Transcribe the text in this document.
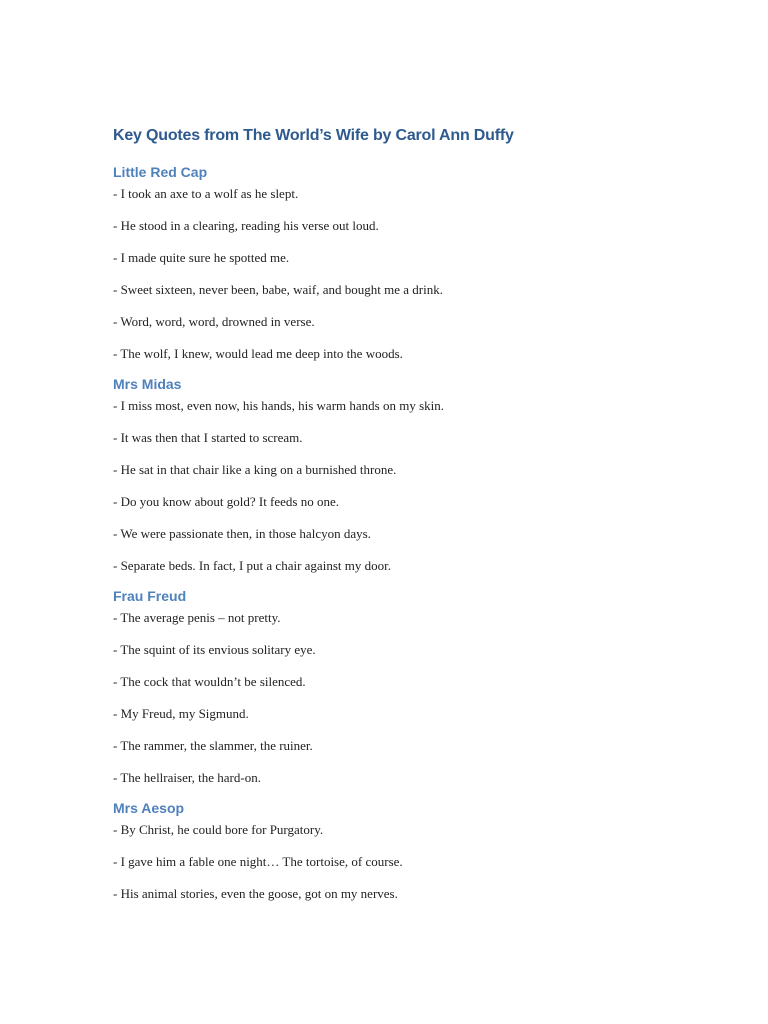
Key Quotes from The World’s Wife by Carol Ann Duffy
Little Red Cap
- I took an axe to a wolf as he slept.
- He stood in a clearing, reading his verse out loud.
- I made quite sure he spotted me.
- Sweet sixteen, never been, babe, waif, and bought me a drink.
- Word, word, word, drowned in verse.
- The wolf, I knew, would lead me deep into the woods.
Mrs Midas
- I miss most, even now, his hands, his warm hands on my skin.
- It was then that I started to scream.
- He sat in that chair like a king on a burnished throne.
- Do you know about gold? It feeds no one.
- We were passionate then, in those halcyon days.
- Separate beds. In fact, I put a chair against my door.
Frau Freud
- The average penis – not pretty.
- The squint of its envious solitary eye.
- The cock that wouldn’t be silenced.
- My Freud, my Sigmund.
- The rammer, the slammer, the ruiner.
- The hellraiser, the hard-on.
Mrs Aesop
- By Christ, he could bore for Purgatory.
- I gave him a fable one night… The tortoise, of course.
- His animal stories, even the goose, got on my nerves.
